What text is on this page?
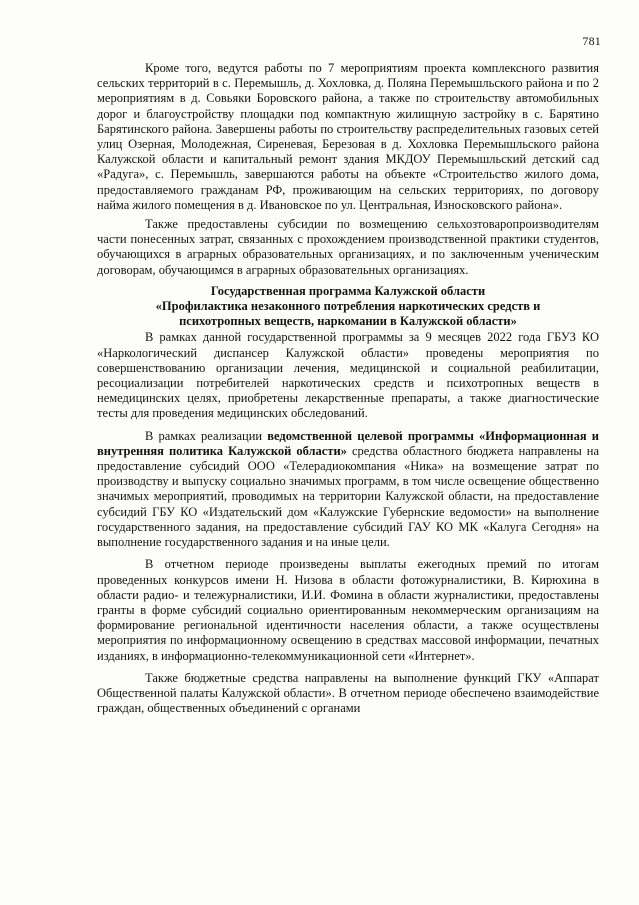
781

Кроме того, ведутся работы по 7 мероприятиям проекта комплексного развития сельских территорий в с. Перемышль, д. Хохловка, д. Поляна Перемышльского района и по 2 мероприятиям в д. Совьяки Боровского района, а также по строительству автомобильных дорог и благоустройству площадки под компактную жилищную застройку в с. Барятино Барятинского района. Завершены работы по строительству распределительных газовых сетей улиц Озерная, Молодежная, Сиреневая, Березовая в д. Хохловка Перемышльского района Калужской области и капитальный ремонт здания МКДОУ Перемышльский детский сад «Радуга», с. Перемышль, завершаются работы на объекте «Строительство жилого дома, предоставляемого гражданам РФ, проживающим на сельских территориях, по договору найма жилого помещения в д. Ивановское по ул. Центральная, Износковского района».

Также предоставлены субсидии по возмещению сельхозтоваропроизводителям части понесенных затрат, связанных с прохождением производственной практики студентов, обучающихся в аграрных образовательных организациях, и по заключенным ученическим договорам, обучающимся в аграрных образовательных организациях.

Государственная программа Калужской области
«Профилактика незаконного потребления наркотических средств и
психотропных веществ, наркомании в Калужской области»

В рамках данной государственной программы за 9 месяцев 2022 года ГБУЗ КО «Наркологический диспансер Калужской области» проведены мероприятия по совершенствованию организации лечения, медицинской и социальной реабилитации, ресоциализации потребителей наркотических средств и психотропных веществ в немедицинских целях, приобретены лекарственные препараты, а также диагностические тесты для проведения медицинских обследований.

В рамках реализации ведомственной целевой программы «Информационная и внутренняя политика Калужской области» средства областного бюджета направлены на предоставление субсидий ООО «Телерадиокомпания «Ника» на возмещение затрат по производству и выпуску социально значимых программ, в том числе освещение общественно значимых мероприятий, проводимых на территории Калужской области, на предоставление субсидий ГБУ КО «Издательский дом «Калужские Губернские ведомости» на выполнение государственного задания, на предоставление субсидий ГАУ КО МК «Калуга Сегодня» на выполнение государственного задания и на иные цели.

В отчетном периоде произведены выплаты ежегодных премий по итогам проведенных конкурсов имени Н. Низова в области фотожурналистики, В. Кирюхина в области радио- и тележурналистики, И.И. Фомина в области журналистики, предоставлены гранты в форме субсидий социально ориентированным некоммерческим организациям на формирование региональной идентичности населения области, а также осуществлены мероприятия по информационному освещению в средствах массовой информации, печатных изданиях, в информационно-телекоммуникационной сети «Интернет».

Также бюджетные средства направлены на выполнение функций ГКУ «Аппарат Общественной палаты Калужской области». В отчетном периоде обеспечено взаимодействие граждан, общественных объединений с органами
